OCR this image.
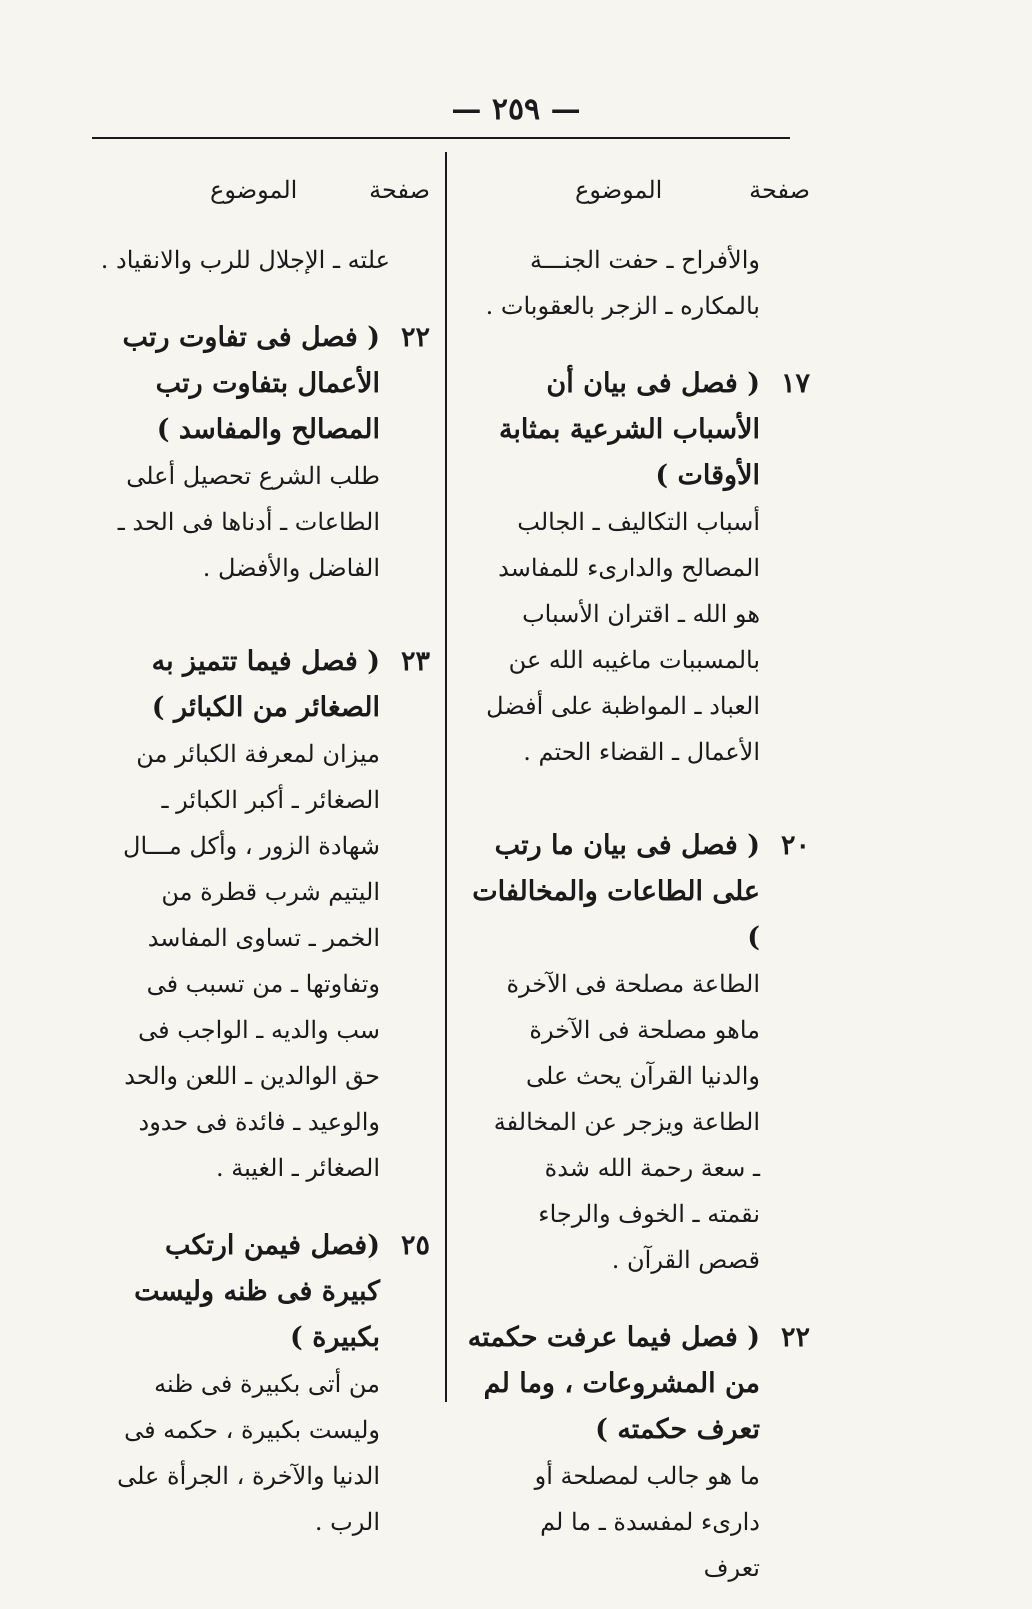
— ٢٥٩ —
صفحة
الموضوع
والأفراح ـ حفت الجنـــة بالمكاره ـ الزجر بالعقوبات .
١٧
( فصل فى بيان أن الأسباب الشرعية بمثابة الأوقات )
أسباب التكاليف ـ الجالب المصالح والدارىء للمفاسد هو الله ـ اقتران الأسباب بالمسببات ماغيبه الله عن العباد ـ المواظبة على أفضل الأعمال ـ القضاء الحتم .
٢٠
( فصل فى بيان ما رتب على الطاعات والمخالفات )
الطاعة مصلحة فى الآخرة ماهو مصلحة فى الآخرة والدنيا القرآن يحث على الطاعة ويزجر عن المخالفة ـ سعة رحمة الله شدة نقمته ـ الخوف والرجاء قصص القرآن .
٢٢
( فصل فيما عرفت حكمته من المشروعات ، وما لم تعرف حكمته )
ما هو جالب لمصلحة أو دارىء لمفسدة ـ ما لم تعرف
صفحة
الموضوع
علته ـ الإجلال للرب والانقياد .
٢٢
( فصل فى تفاوت رتب الأعمال بتفاوت رتب المصالح والمفاسد )
طلب الشرع تحصيل أعلى الطاعات ـ أدناها فى الحد ـ الفاضل والأفضل .
٢٣
( فصل فيما تتميز به الصغائر من الكبائر )
ميزان لمعرفة الكبائر من الصغائر ـ أكبر الكبائر ـ شهادة الزور ، وأكل مـــال اليتيم شرب قطرة من الخمر ـ تساوى المفاسد وتفاوتها ـ من تسبب فى سب والديه ـ الواجب فى حق الوالدين ـ اللعن والحد والوعيد ـ فائدة فى حدود الصغائر ـ الغيبة .
٢٥
(فصل فيمن ارتكب كبيرة فى ظنه وليست بكبيرة )
من أتى بكبيرة فى ظنه وليست بكبيرة ، حكمه فى الدنيا والآخرة ، الجرأة على الرب .
